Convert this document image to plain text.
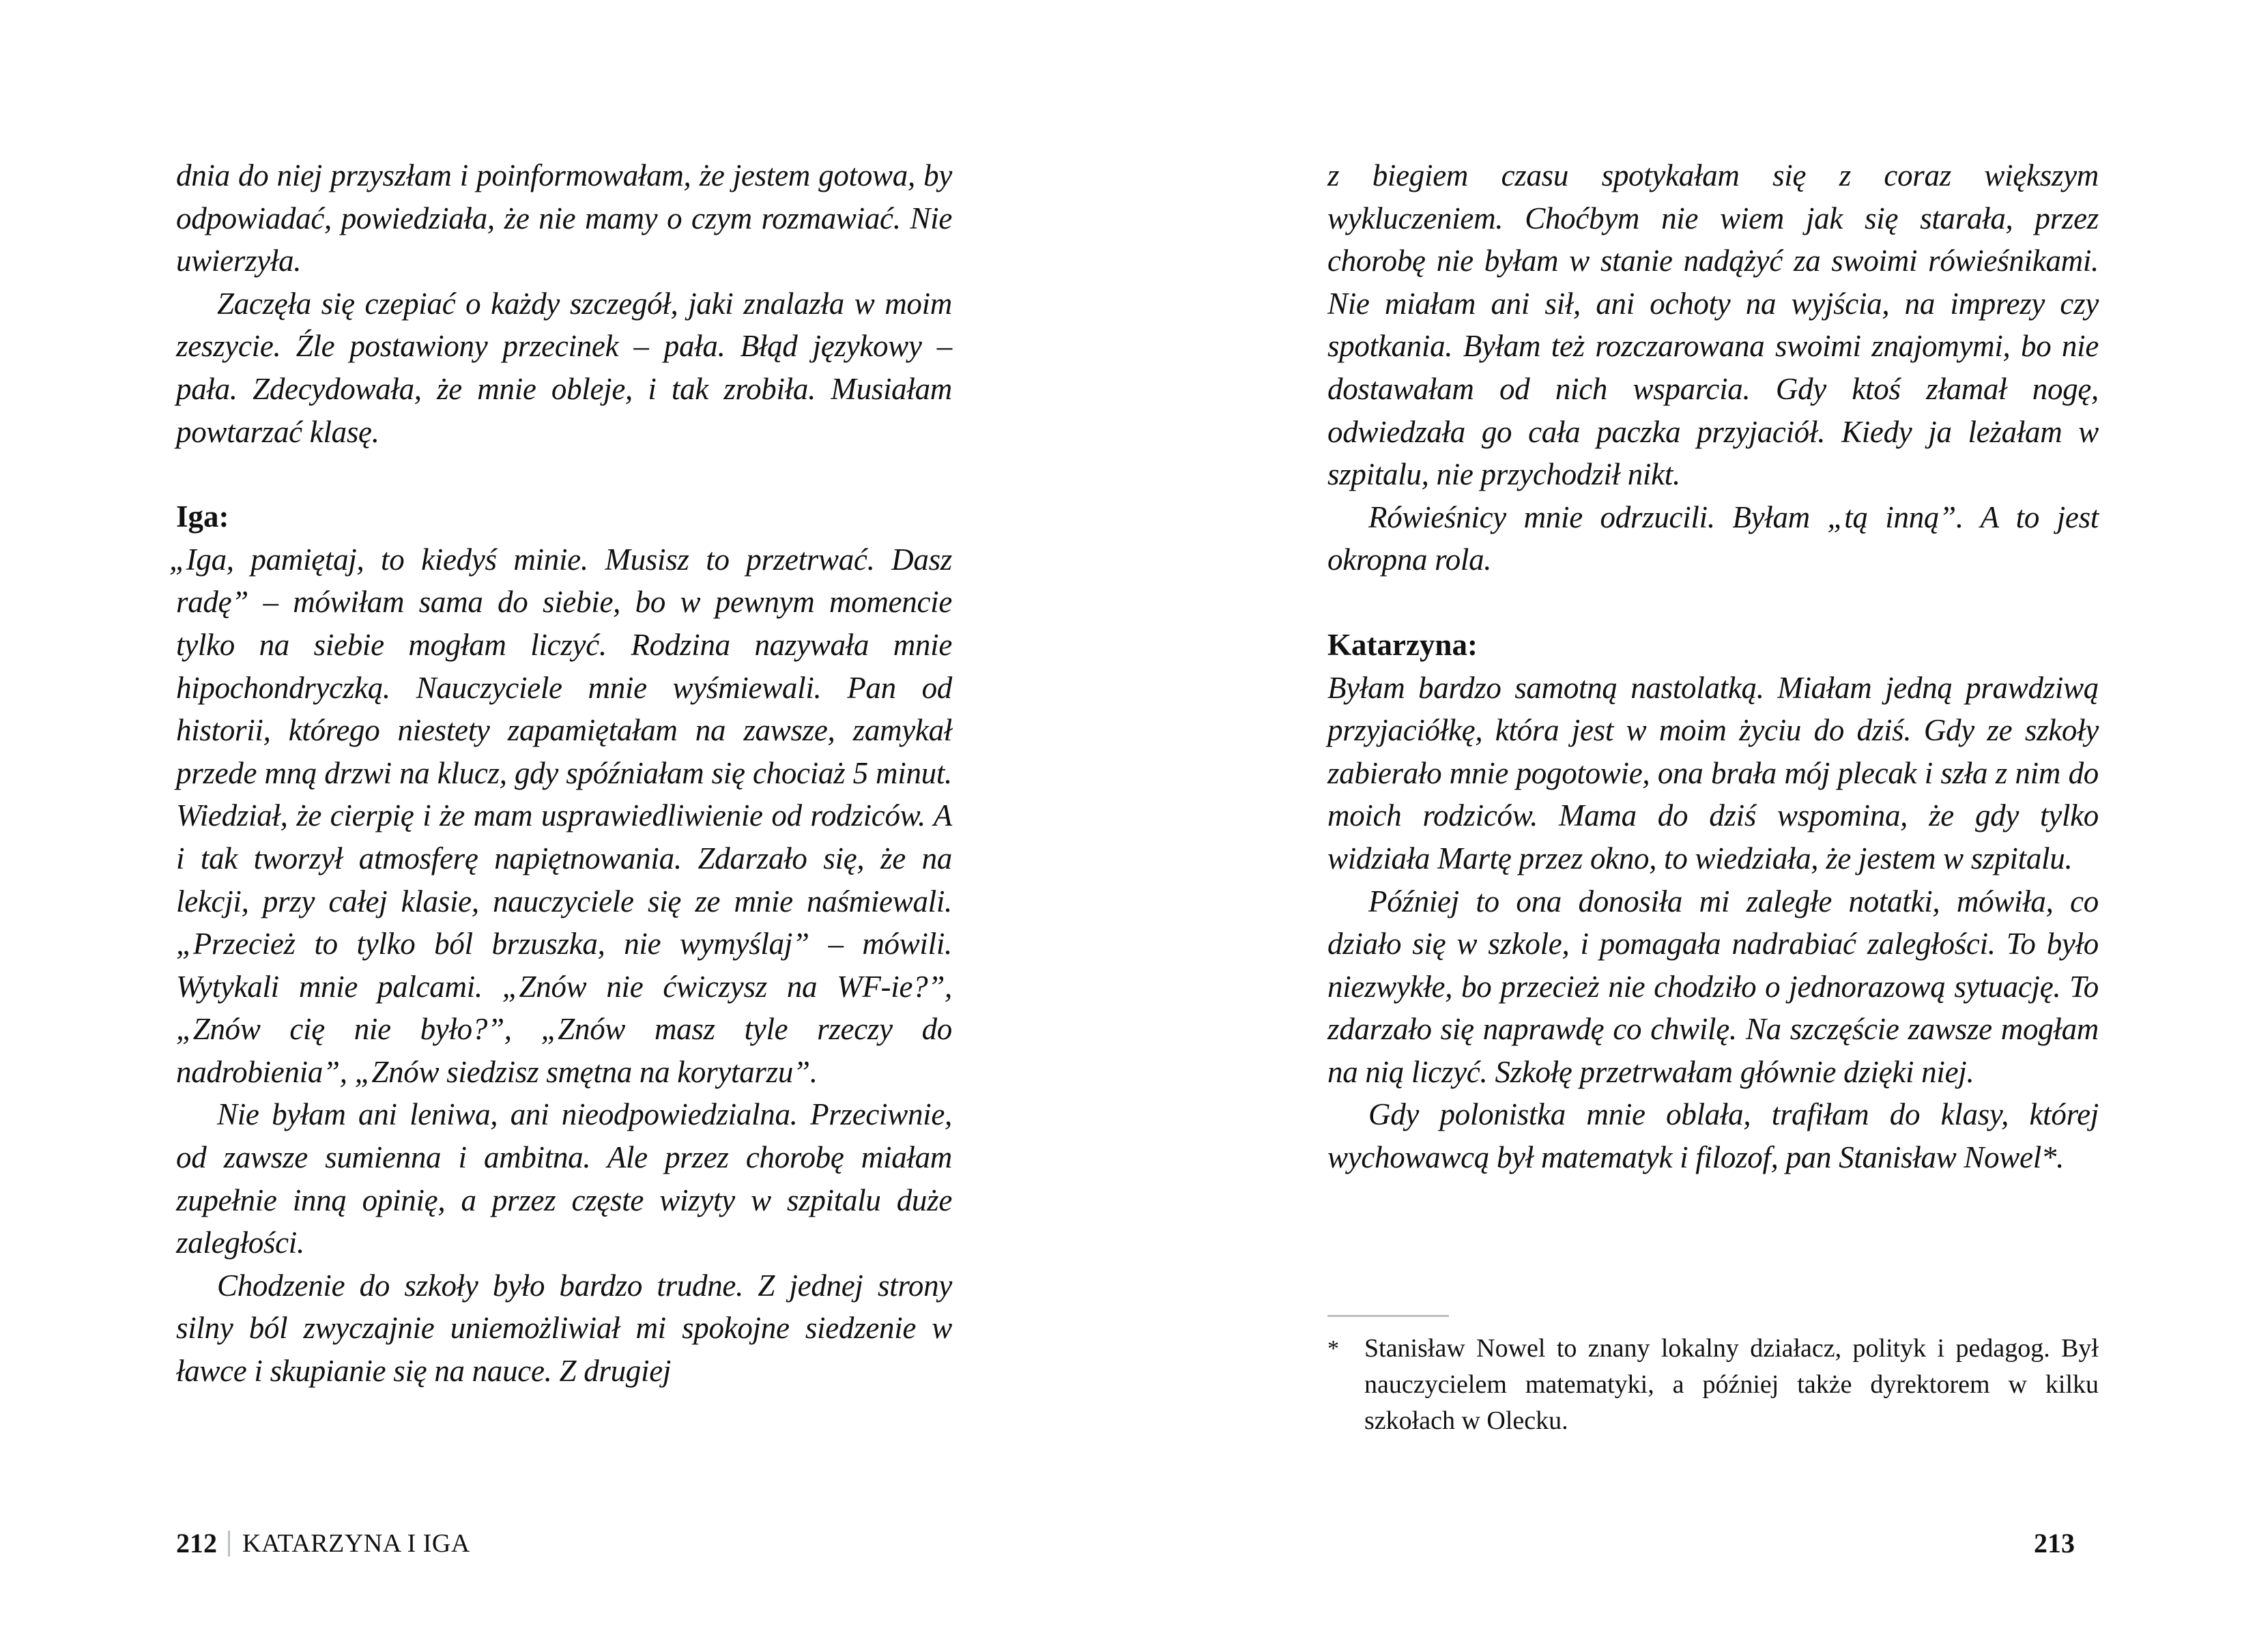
dnia do niej przyszłam i poinformowałam, że jestem gotowa, by odpowiadać, powiedziała, że nie mamy o czym rozmawiać. Nie uwierzyła.

Zaczęła się czepiać o każdy szczegół, jaki znalazła w moim zeszycie. Źle postawiony przecinek – pała. Błąd językowy – pała. Zdecydowała, że mnie obleje, i tak zrobiła. Musiałam powtarzać klasę.

Iga:

„Iga, pamiętaj, to kiedyś minie. Musisz to przetrwać. Dasz radę” – mówiłam sama do siebie, bo w pewnym momencie tylko na siebie mogłam liczyć. Rodzina nazywała mnie hipochondryczką. Nauczyciele mnie wyśmiewali. Pan od historii, którego niestety zapamiętałam na zawsze, zamykał przede mną drzwi na klucz, gdy spóźniałam się chociaż 5 minut. Wiedział, że cierpię i że mam usprawiedliwienie od rodziców. A i tak tworzył atmosferę napiętnowania. Zdarzało się, że na lekcji, przy całej klasie, nauczyciele się ze mnie naśmiewali. „Przecież to tylko ból brzuszka, nie wymyślaj” – mówili. Wytykali mnie palcami. „Znów nie ćwiczysz na WF-ie?”, „Znów cię nie było?”, „Znów masz tyle rzeczy do nadrobienia”, „Znów siedzisz smętna na korytarzu”.

Nie byłam ani leniwa, ani nieodpowiedzialna. Przeciwnie, od zawsze sumienna i ambitna. Ale przez chorobę miałam zupełnie inną opinię, a przez częste wizyty w szpitalu duże zaległości.

Chodzenie do szkoły było bardzo trudne. Z jednej strony silny ból zwyczajnie uniemożliwiał mi spokojne siedzenie w ławce i skupianie się na nauce. Z drugiej

212 KATARZYNA I IGA

z biegiem czasu spotykałam się z coraz większym wykluczeniem. Choćbym nie wiem jak się starała, przez chorobę nie byłam w stanie nadążyć za swoimi rówieśnikami. Nie miałam ani sił, ani ochoty na wyjścia, na imprezy czy spotkania. Byłam też rozczarowana swoimi znajomymi, bo nie dostawałam od nich wsparcia. Gdy ktoś złamał nogę, odwiedzała go cała paczka przyjaciół. Kiedy ja leżałam w szpitalu, nie przychodził nikt.

Rówieśnicy mnie odrzucili. Byłam „tą inną”. A to jest okropna rola.

Katarzyna:

Byłam bardzo samotną nastolatką. Miałam jedną prawdziwą przyjaciółkę, która jest w moim życiu do dziś. Gdy ze szkoły zabierało mnie pogotowie, ona brała mój plecak i szła z nim do moich rodziców. Mama do dziś wspomina, że gdy tylko widziała Martę przez okno, to wiedziała, że jestem w szpitalu.

Później to ona donosiła mi zaległe notatki, mówiła, co działo się w szkole, i pomagała nadrabiać zaległości. To było niezwykłe, bo przecież nie chodziło o jednorazową sytuację. To zdarzało się naprawdę co chwilę. Na szczęście zawsze mogłam na nią liczyć. Szkołę przetrwałam głównie dzięki niej.

Gdy polonistka mnie oblała, trafiłam do klasy, której wychowawcą był matematyk i filozof, pan Stanisław Nowel*.

* Stanisław Nowel to znany lokalny działacz, polityk i pedagog. Był nauczycielem matematyki, a później także dyrektorem w kilku szkołach w Olecku.
213
